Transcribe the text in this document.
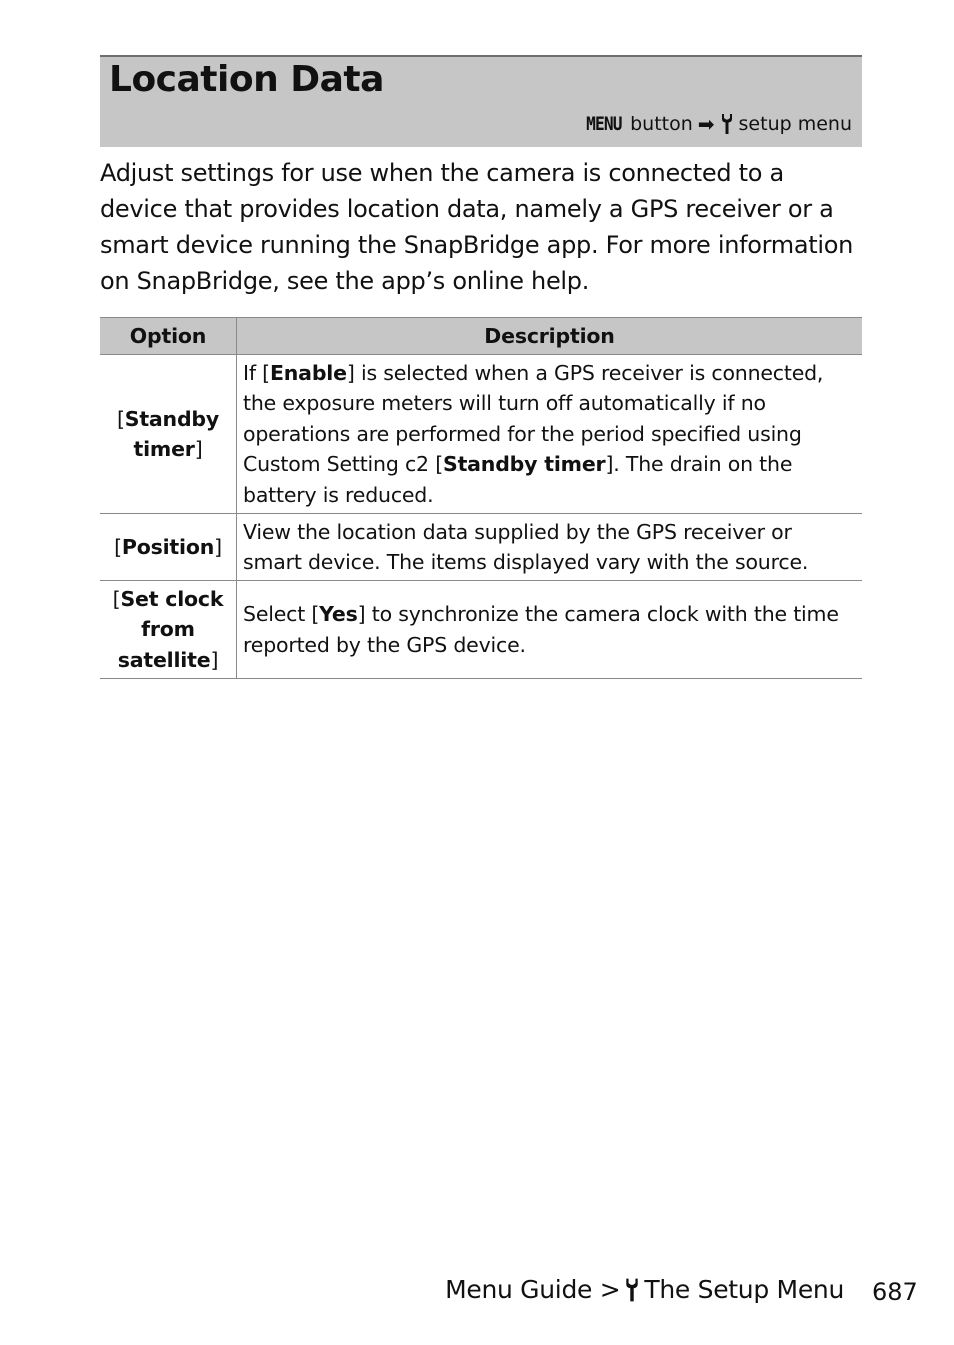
Location Data
MENU button ➡ setup menu

Adjust settings for use when the camera is connected to a device that provides location data, namely a GPS receiver or a smart device running the SnapBridge app. For more information on SnapBridge, see the app’s online help.

Option	Description
[Standby timer]	If [Enable] is selected when a GPS receiver is connected, the exposure meters will turn off automatically if no operations are performed for the period specified using Custom Setting c2 [Standby timer]. The drain on the battery is reduced.
[Position]	View the location data supplied by the GPS receiver or smart device. The items displayed vary with the source.
[Set clock from satellite]	Select [Yes] to synchronize the camera clock with the time reported by the GPS device.
Menu Guide > The Setup Menu 687
